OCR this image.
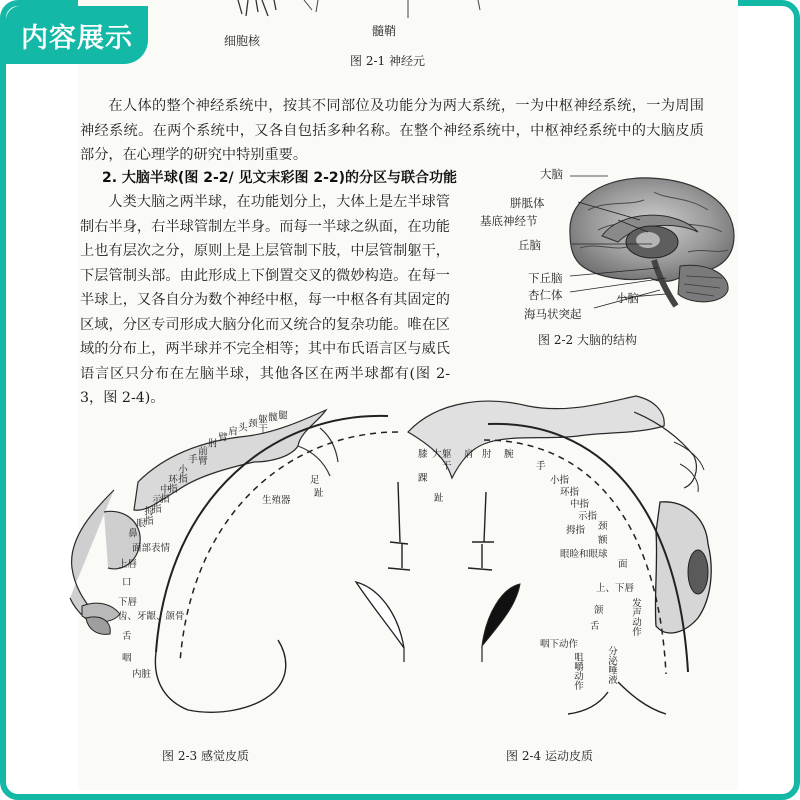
细胞核
髓鞘
图 2-1 神经元
在人体的整个神经系统中，按其不同部位及功能分为两大系统，一为中枢神经系统，一为周围神经系统。在两个系统中，又各自包括多种名称。在整个神经系统中，中枢神经系统中的大脑皮质部分，在心理学的研究中特别重要。
2. 大脑半球(图 2-2/ 见文末彩图 2-2)的分区与联合功能
人类大脑之两半球，在功能划分上，大体上是左半球管制右半身，右半球管制左半身。而每一半球之纵面，在功能上也有层次之分，原则上是上层管制下肢，中层管制躯干，下层管制头部。由此形成上下倒置交叉的微妙构造。在每一半球上，又各自分为数个神经中枢，每一中枢各有其固定的区域，分区专司形成大脑分化而又统合的复杂功能。唯在区域的分布上，两半球并不完全相等；其中布氏语言区与威氏语言区只分布在左脑半球，其他各区在两半球都有(图 2-3，图 2-4)。
大脑
胼胝体
基底神经节
丘脑
下丘脑
杏仁体	小脑
海马状突起
图 2-2 大脑的结构
足
趾
生殖器
面部表情
上唇
口
下唇
齿、牙龈、颌骨
舌
咽
内脏
腿
髋
躯干
颈
头
肩
臂
肘
前臂
手
小指
环指
中指
示指
拇指
眼
鼻
图 2-3 感觉皮质
膝
踝
趾
大 躯 肩 肘 腕
手
干
小指
环指
中指
示指
拇指 颈
额
眼睑和眼球
面
上、下唇
颌
舌
咽下动作
咀嚼动作 分泌唾液
发声动作
图 2-4 运动皮质
内容展示
